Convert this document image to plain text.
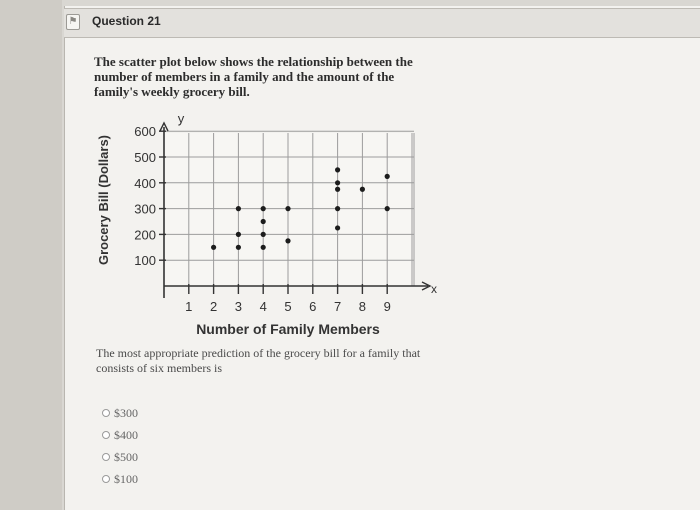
⚑ Question 21
The scatter plot below shows the relationship between the number of members in a family and the amount of the family's weekly grocery bill.
100
200
300
400
500
600
1 2 3 4 5 6 7 8 9
Number of Family Members
Grocery Bill (Dollars)
y
x
The most appropriate prediction of the grocery bill for a family that consists of six members is
$300
$400
$500
$100
